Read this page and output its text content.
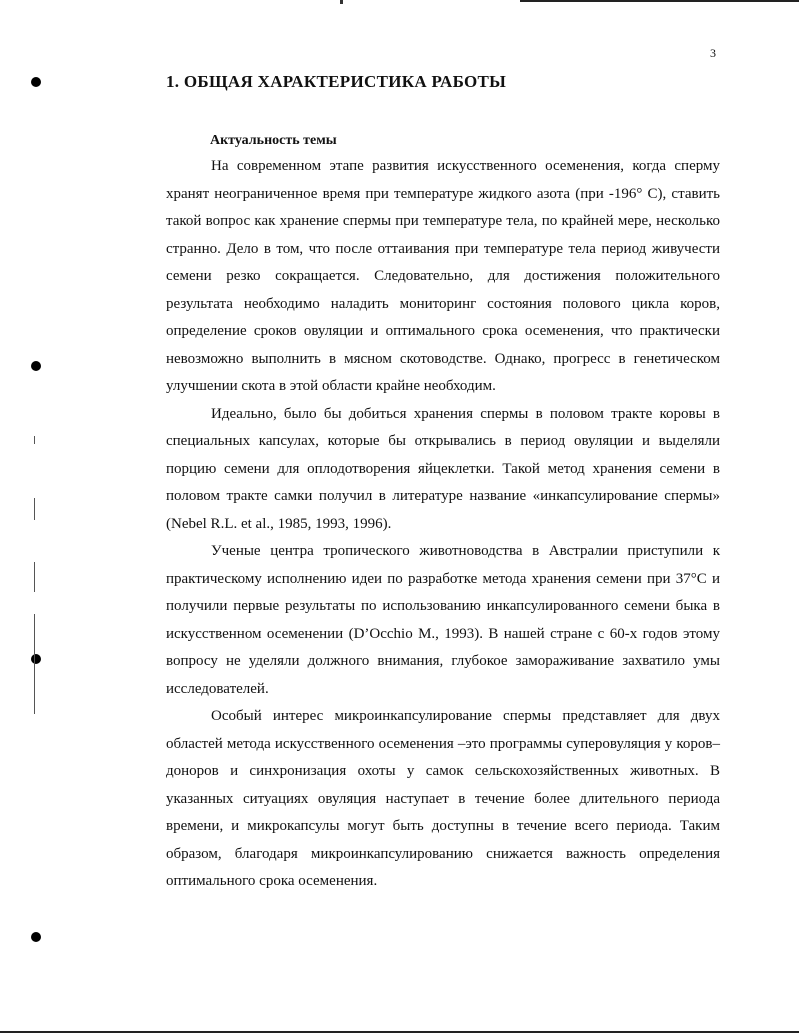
3
1. ОБЩАЯ ХАРАКТЕРИСТИКА РАБОТЫ
Актуальность темы

На современном этапе развития искусственного осеменения, когда сперму хранят неограниченное время при температуре жидкого азота (при -196° С), ставить такой вопрос как хранение спермы при температуре тела, по крайней мере, несколько странно. Дело в том, что после оттаивания при температуре тела период живучести семени резко сокращается. Следовательно, для достижения положительного результата необходимо наладить мониторинг состояния полового цикла коров, определение сроков овуляции и оптимального срока осеменения, что практически невозможно выполнить в мясном скотоводстве. Однако, прогресс в генетическом улучшении скота в этой области крайне необходим.

Идеально, было бы добиться хранения спермы в половом тракте коровы в специальных капсулах, которые бы открывались в период овуляции и выделяли порцию семени для оплодотворения яйцеклетки. Такой метод хранения семени в половом тракте самки получил в литературе название «инкапсулирование спермы» (Nebel R.L. et al., 1985, 1993, 1996).

Ученые центра тропического животноводства в Австралии приступили к практическому исполнению идеи по разработке метода хранения семени при 37°C и получили первые результаты по использованию инкапсулированного семени быка в искусственном осеменении (D’Occhio M., 1993). В нашей стране с 60-х годов этому вопросу не уделяли должного внимания, глубокое замораживание захватило умы исследователей.

Особый интерес микроинкапсулирование спермы представляет для двух областей метода искусственного осеменения –это программы суперовуляция у коров–доноров и синхронизация охоты у самок сельскохозяйственных животных. В указанных ситуациях овуляция наступает в течение более длительного периода времени, и микрокапсулы могут быть доступны в течение всего периода. Таким образом, благодаря микроинкапсулированию снижается важность определения оптимального срока осеменения.
